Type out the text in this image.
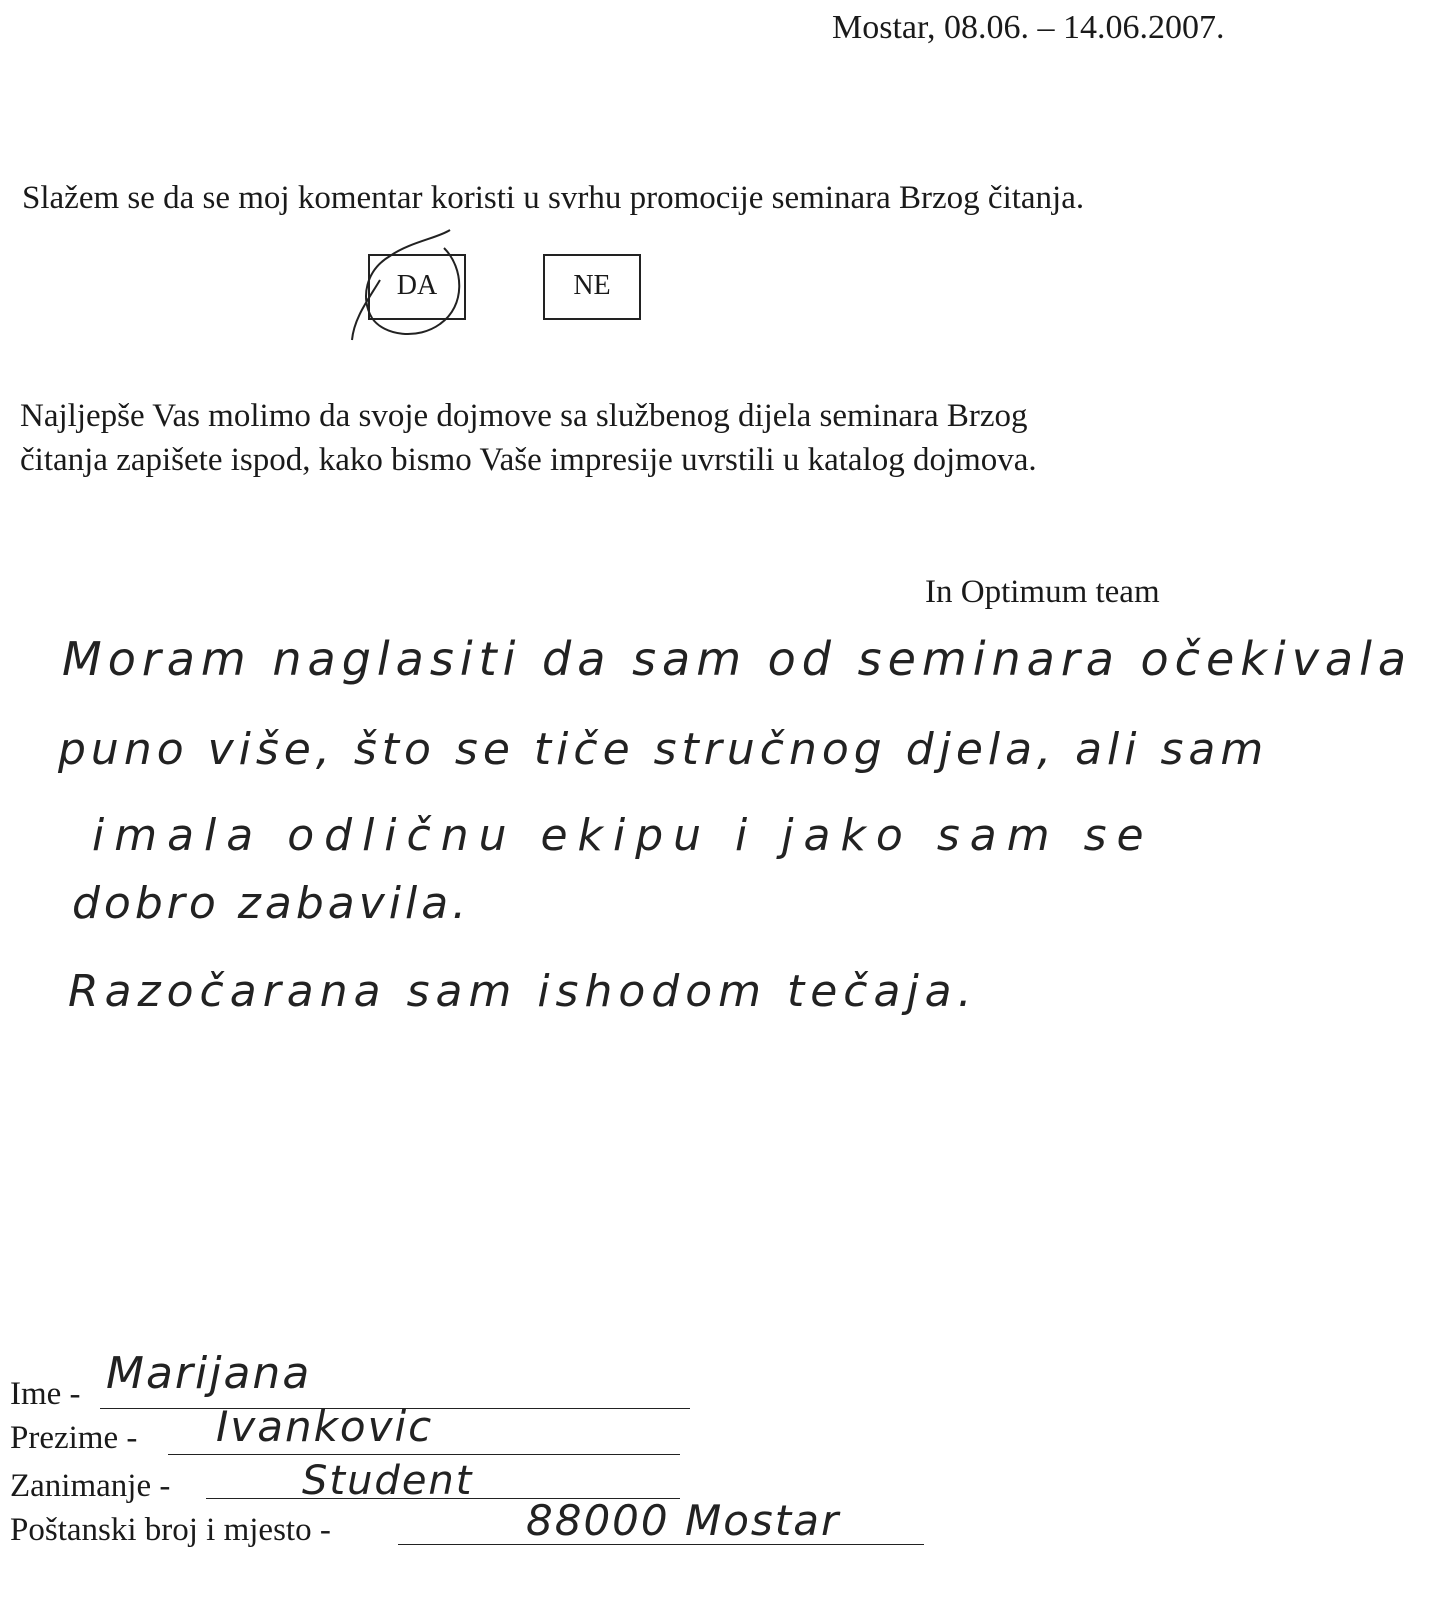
Mostar, 08.06. – 14.06.2007.
Slažem se da se moj komentar koristi u svrhu promocije seminara Brzog čitanja.
DA	NE
Najljepše Vas molimo da svoje dojmove sa službenog dijela seminara Brzog
čitanja zapišete ispod, kako bismo Vaše impresije uvrstili u katalog dojmova.
In Optimum team
Moram naglasiti da sam od seminara očekivala
puno više, što se tiče stručnog djela, ali sam
imala odličnu ekipu i jako sam se
dobro zabavila.
Razočarana sam ishodom tečaja.
Ime - Marijana
Prezime - Ivankovic
Zanimanje -	Student
Poštanski broj i mjesto -	88000 Mostar
